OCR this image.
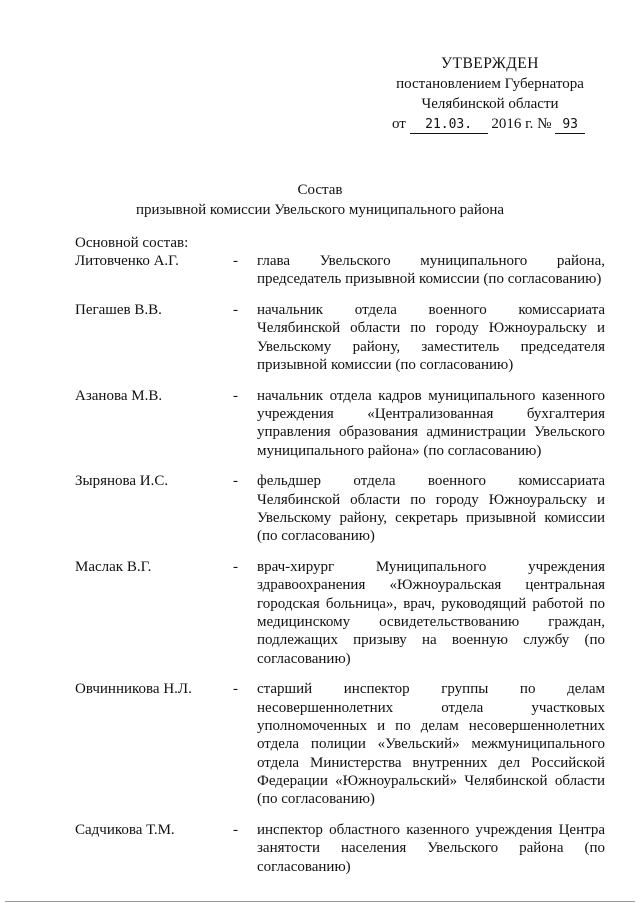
УТВЕРЖДЕН
постановлением Губернатора
Челябинской области
от 21.03. 2016 г. № 93
Состав
призывной комиссии Увельского муниципального района
Основной состав:
Литовченко А.Г.	-	глава Увельского муниципального района, председатель призывной комиссии (по согласованию)
Пегашев В.В.	-	начальник отдела военного комиссариата Челябинской области по городу Южноуральску и Увельскому району, заместитель председателя призывной комиссии (по согласованию)
Азанова М.В.	-	начальник отдела кадров муниципального казенного учреждения «Централизованная бухгалтерия управления образования администрации Увельского муниципального района» (по согласованию)
Зырянова И.С.	-	фельдшер отдела военного комиссариата Челябинской области по городу Южноуральску и Увельскому району, секретарь призывной комиссии (по согласованию)
Маслак В.Г.	-	врач-хирург Муниципального учреждения здравоохранения «Южноуральская центральная городская больница», врач, руководящий работой по медицинскому освидетельствованию граждан, подлежащих призыву на военную службу (по согласованию)
Овчинникова Н.Л.	-	старший инспектор группы по делам несовершеннолетних отдела участковых уполномоченных и по делам несовершеннолетних отдела полиции «Увельский» межмуниципального отдела Министерства внутренних дел Российской Федерации «Южноуральский» Челябинской области (по согласованию)
Садчикова Т.М.	-	инспектор областного казенного учреждения Центра занятости населения Увельского района (по согласованию)
